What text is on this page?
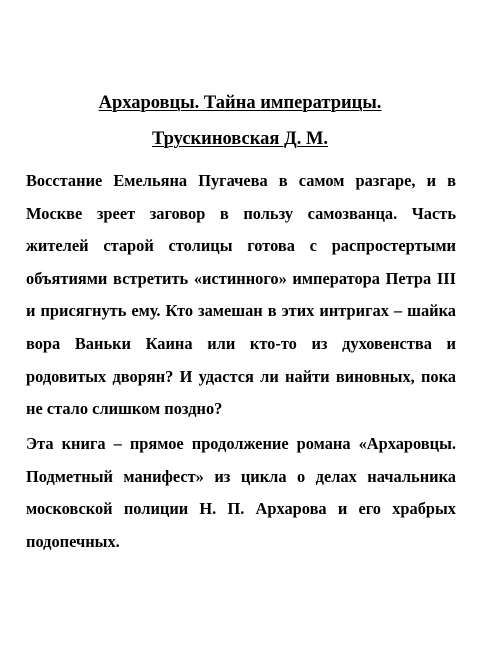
Архаровцы. Тайна императрицы.
Трускиновская Д. М.

Восстание Емельяна Пугачева в самом разгаре, и в Москве зреет заговор в пользу самозванца. Часть жителей старой столицы готова с распростертыми объятиями встретить «истинного» императора Петра III и присягнуть ему. Кто замешан в этих интригах – шайка вора Ваньки Каина или кто-то из духовенства и родовитых дворян? И удастся ли найти виновных, пока не стало слишком поздно?

Эта книга – прямое продолжение романа «Архаровцы. Подметный манифест» из цикла о делах начальника московской полиции Н. П. Архарова и его храбрых подопечных.
